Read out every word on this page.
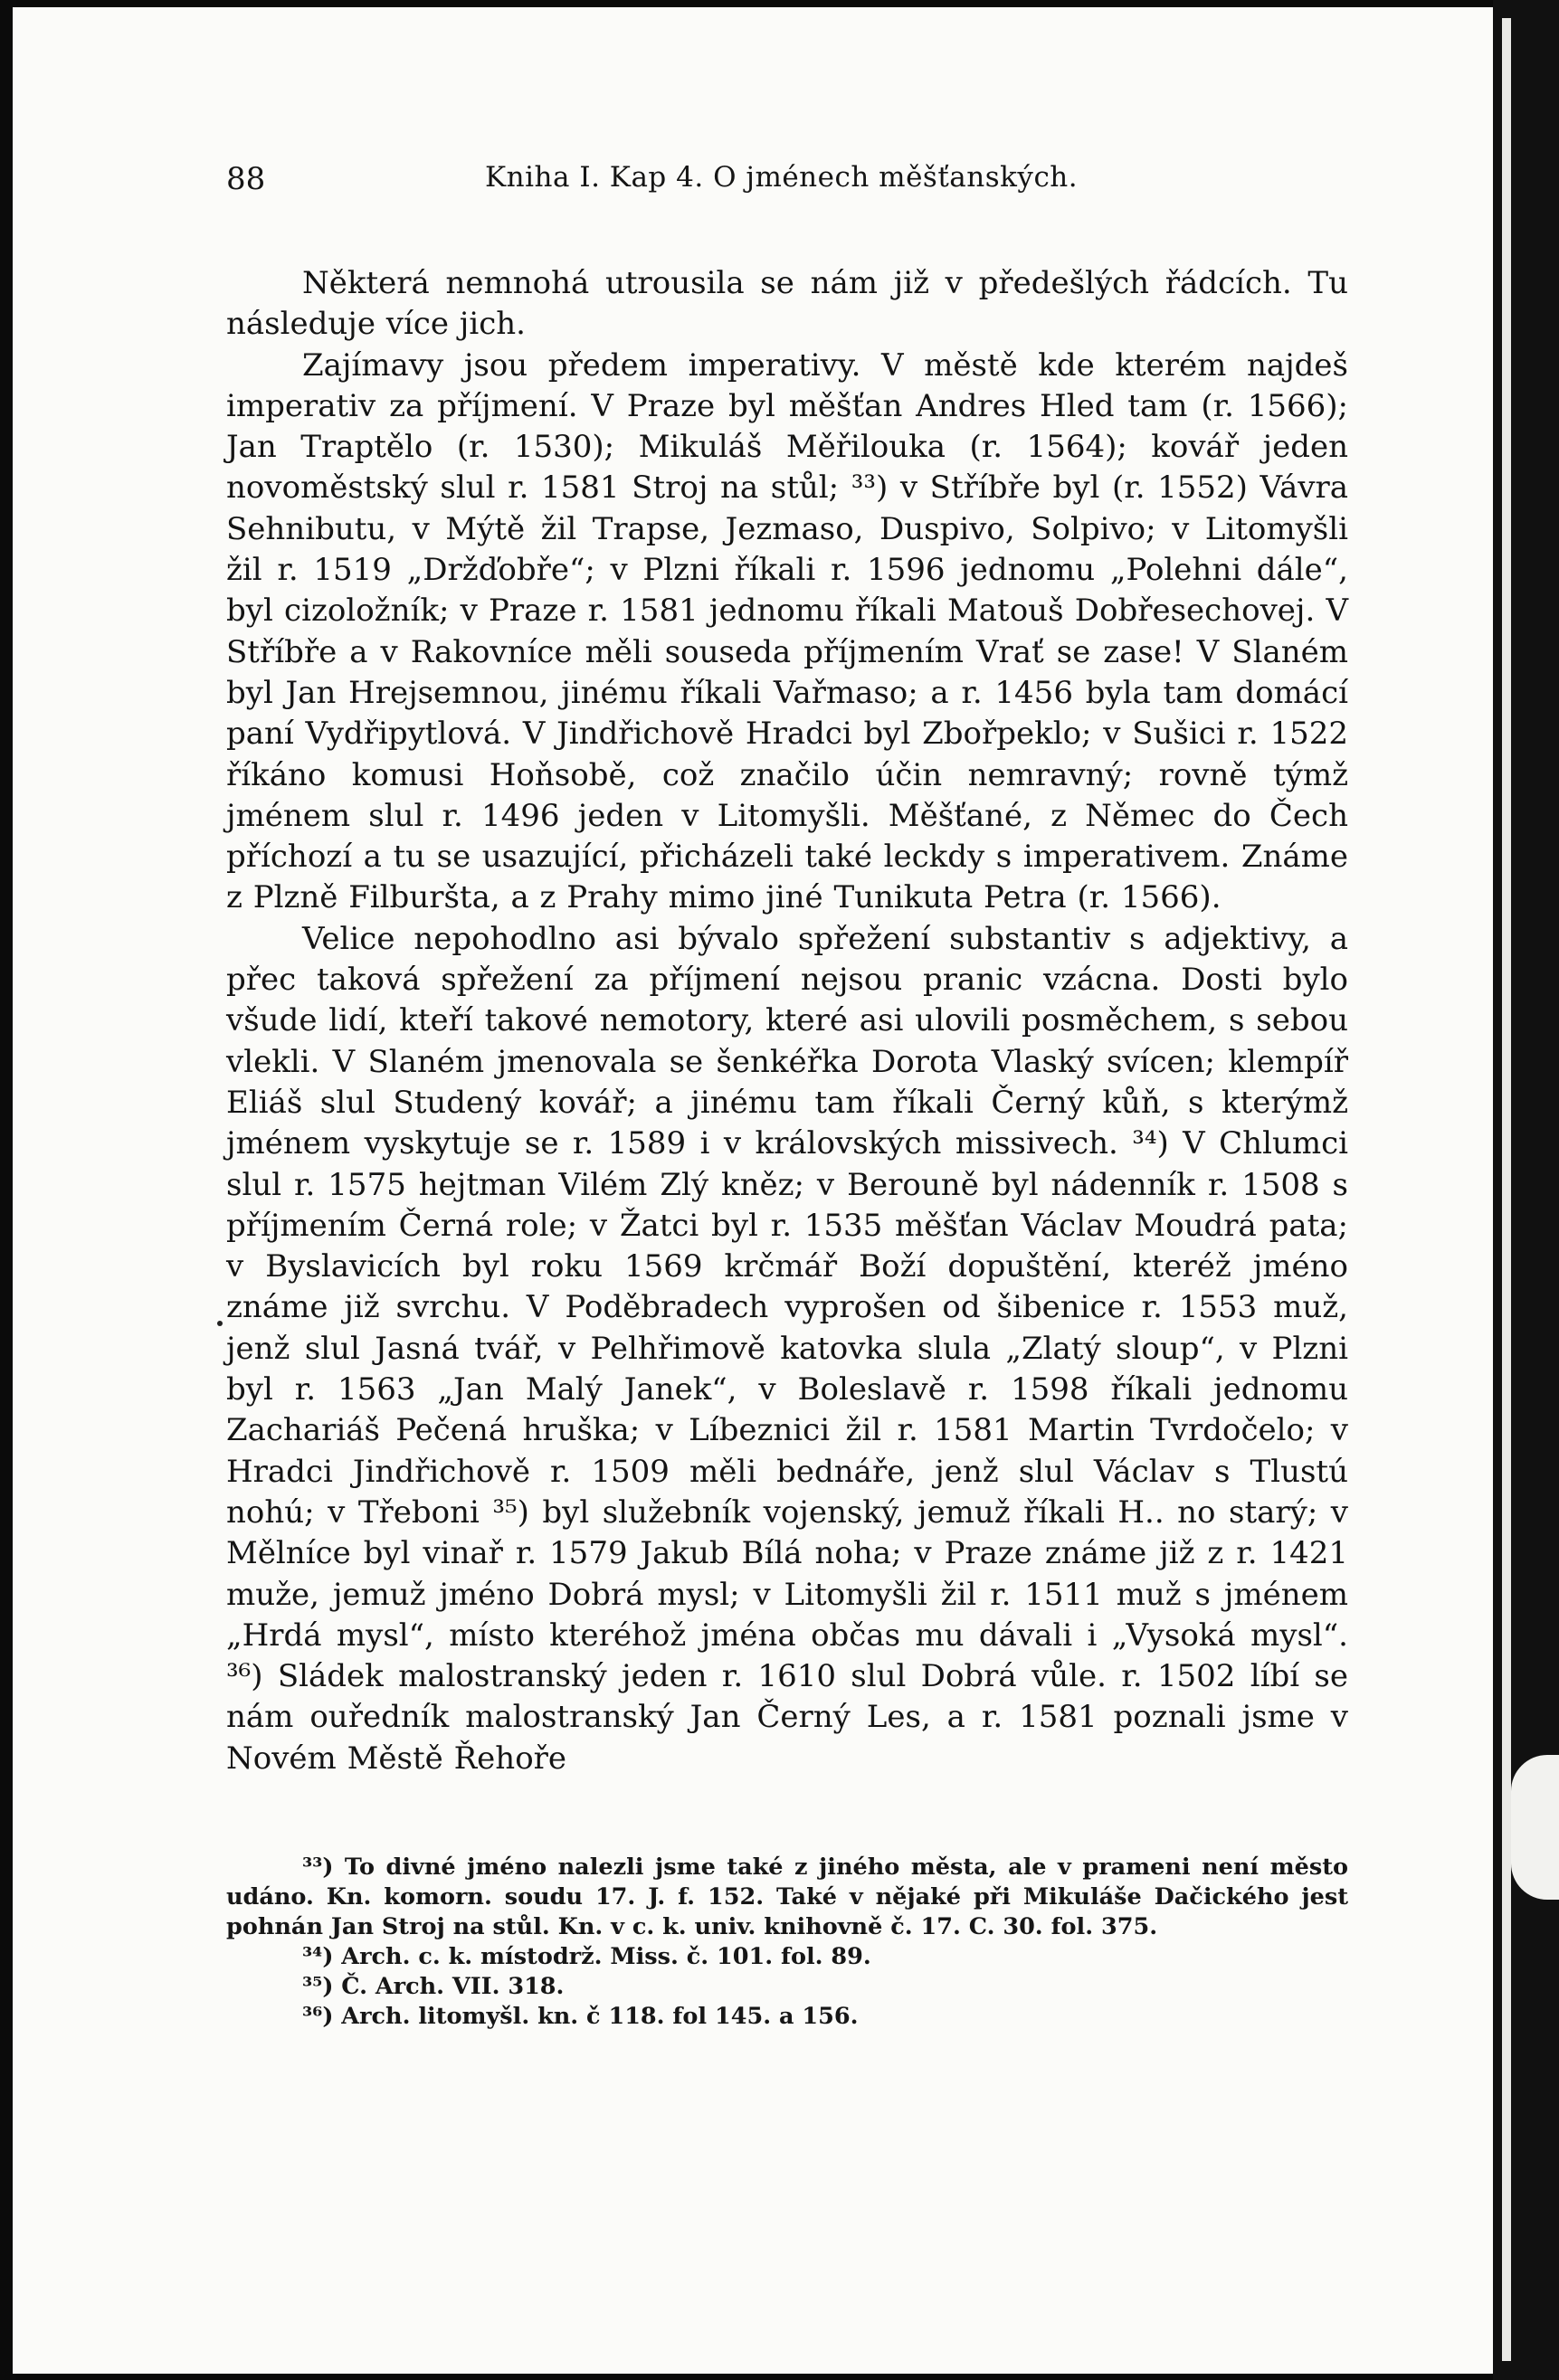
88	Kniha I. Kap 4. O jménech měšťanských.

Některá nemnohá utrousila se nám již v předešlých řádcích. Tu následuje více jich.

Zajímavy jsou předem imperativy. V městě kde kterém najdeš imperativ za příjmení. V Praze byl měšťan Andres Hled tam (r. 1566); Jan Traptělo (r. 1530); Mikuláš Měřilouka (r. 1564); kovář jeden novoměstský slul r. 1581 Stroj na stůl; ³³) v Stříbře byl (r. 1552) Vávra Sehnibutu, v Mýtě žil Trapse, Jezmaso, Duspivo, Solpivo; v Litomyšli žil r. 1519 „Držďobře“; v Plzni říkali r. 1596 jednomu „Polehni dále“, byl cizoložník; v Praze r. 1581 jednomu říkali Matouš Dobřesechovej. V Stříbře a v Rakovníce měli souseda příjmením Vrať se zase! V Slaném byl Jan Hrejsemnou, jinému říkali Vařmaso; a r. 1456 byla tam domácí paní Vydřipytlová. V Jindřichově Hradci byl Zbořpeklo; v Sušici r. 1522 říkáno komusi Hoňsobě, což značilo účin nemravný; rovně týmž jménem slul r. 1496 jeden v Litomyšli. Měšťané, z Němec do Čech příchozí a tu se usazující, přicházeli také leckdy s imperativem. Známe z Plzně Filburšta, a z Prahy mimo jiné Tunikuta Petra (r. 1566).

Velice nepohodlno asi bývalo spřežení substantiv s adjektivy, a přec taková spřežení za příjmení nejsou pranic vzácna. Dosti bylo všude lidí, kteří takové nemotory, které asi ulovili posměchem, s sebou vlekli. V Slaném jmenovala se šenkéřka Dorota Vlaský svícen; klempíř Eliáš slul Studený kovář; a jinému tam říkali Černý kůň, s kterýmž jménem vyskytuje se r. 1589 i v královských missivech. ³⁴) V Chlumci slul r. 1575 hejtman Vilém Zlý kněz; v Berouně byl nádenník r. 1508 s příjmením Černá role; v Žatci byl r. 1535 měšťan Václav Moudrá pata; v Byslavicích byl roku 1569 krčmář Boží dopuštění, kteréž jméno známe již svrchu. V Poděbradech vyprošen od šibenice r. 1553 muž, jenž slul Jasná tvář, v Pelhřimově katovka slula „Zlatý sloup“, v Plzni byl r. 1563 „Jan Malý Janek“, v Boleslavě r. 1598 říkali jednomu Zachariáš Pečená hruška; v Líbeznici žil r. 1581 Martin Tvrdočelo; v Hradci Jindřichově r. 1509 měli bednáře, jenž slul Václav s Tlustú nohú; v Třeboni ³⁵) byl služebník vojenský, jemuž říkali H.. no starý; v Mělníce byl vinař r. 1579 Jakub Bílá noha; v Praze známe již z r. 1421 muže, jemuž jméno Dobrá mysl; v Litomyšli žil r. 1511 muž s jménem „Hrdá mysl“, místo kteréhož jména občas mu dávali i „Vysoká mysl“. ³⁶) Sládek malostranský jeden r. 1610 slul Dobrá vůle. r. 1502 líbí se nám ouředník malostranský Jan Černý Les, a r. 1581 poznali jsme v Novém Městě Řehoře

³³) To divné jméno nalezli jsme také z jiného města, ale v prameni není město udáno. Kn. komorn. soudu 17. J. f. 152. Také v nějaké při Mikuláše Dačického jest pohnán Jan Stroj na stůl. Kn. v c. k. univ. knihovně č. 17. C. 30. fol. 375.

³⁴) Arch. c. k. místodrž. Miss. č. 101. fol. 89.

³⁵) Č. Arch. VII. 318.

³⁶) Arch. litomyšl. kn. č 118. fol 145. a 156.
